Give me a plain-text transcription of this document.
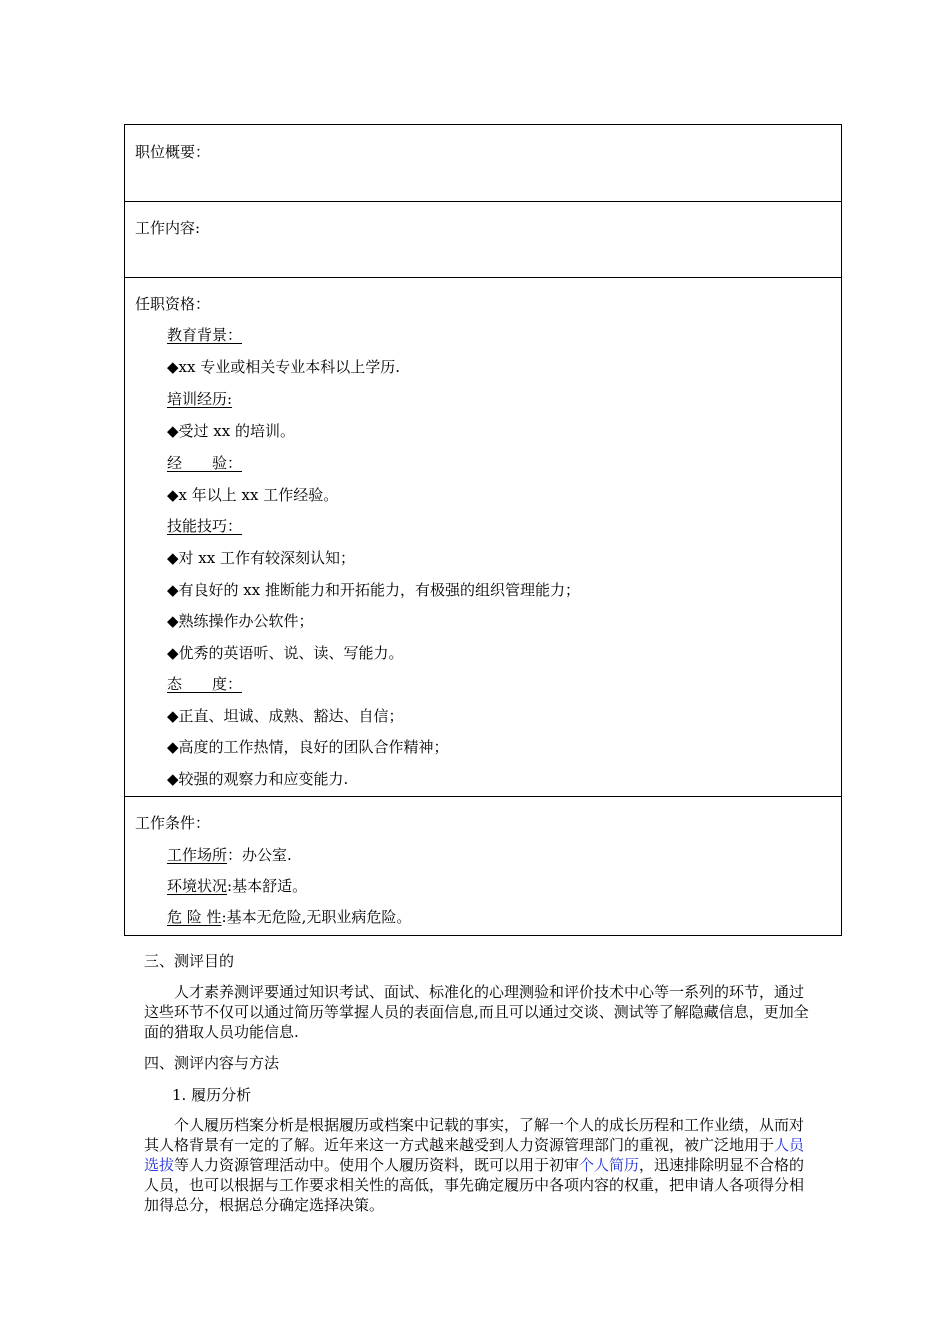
职位概要：
工作内容:
任职资格：
教育背景：
◆xx 专业或相关专业本科以上学历.
培训经历:
◆受过 xx 的培训。
经　　验：
◆x 年以上 xx 工作经验。
技能技巧：
◆对 xx 工作有较深刻认知；
◆有良好的 xx 推断能力和开拓能力，有极强的组织管理能力；
◆熟练操作办公软件；
◆优秀的英语听、说、读、写能力。
态　　度：
◆正直、坦诚、成熟、豁达、自信；
◆高度的工作热情，良好的团队合作精神；
◆较强的观察力和应变能力.
工作条件：
工作场所：办公室.
环境状况:基本舒适。
危 险 性:基本无危险,无职业病危险。
三、测评目的
人才素养测评要通过知识考试、面试、标准化的心理测验和评价技术中心等一系列的环节，通过这些环节不仅可以通过简历等掌握人员的表面信息,而且可以通过交谈、测试等了解隐藏信息，更加全面的猎取人员功能信息.
四、测评内容与方法
1. 履历分析
个人履历档案分析是根据履历或档案中记载的事实，了解一个人的成长历程和工作业绩，从而对其人格背景有一定的了解。近年来这一方式越来越受到人力资源管理部门的重视，被广泛地用于人员选拔等人力资源管理活动中。使用个人履历资料，既可以用于初审个人简历，迅速排除明显不合格的人员，也可以根据与工作要求相关性的高低，事先确定履历中各项内容的权重，把申请人各项得分相加得总分，根据总分确定选择决策。
